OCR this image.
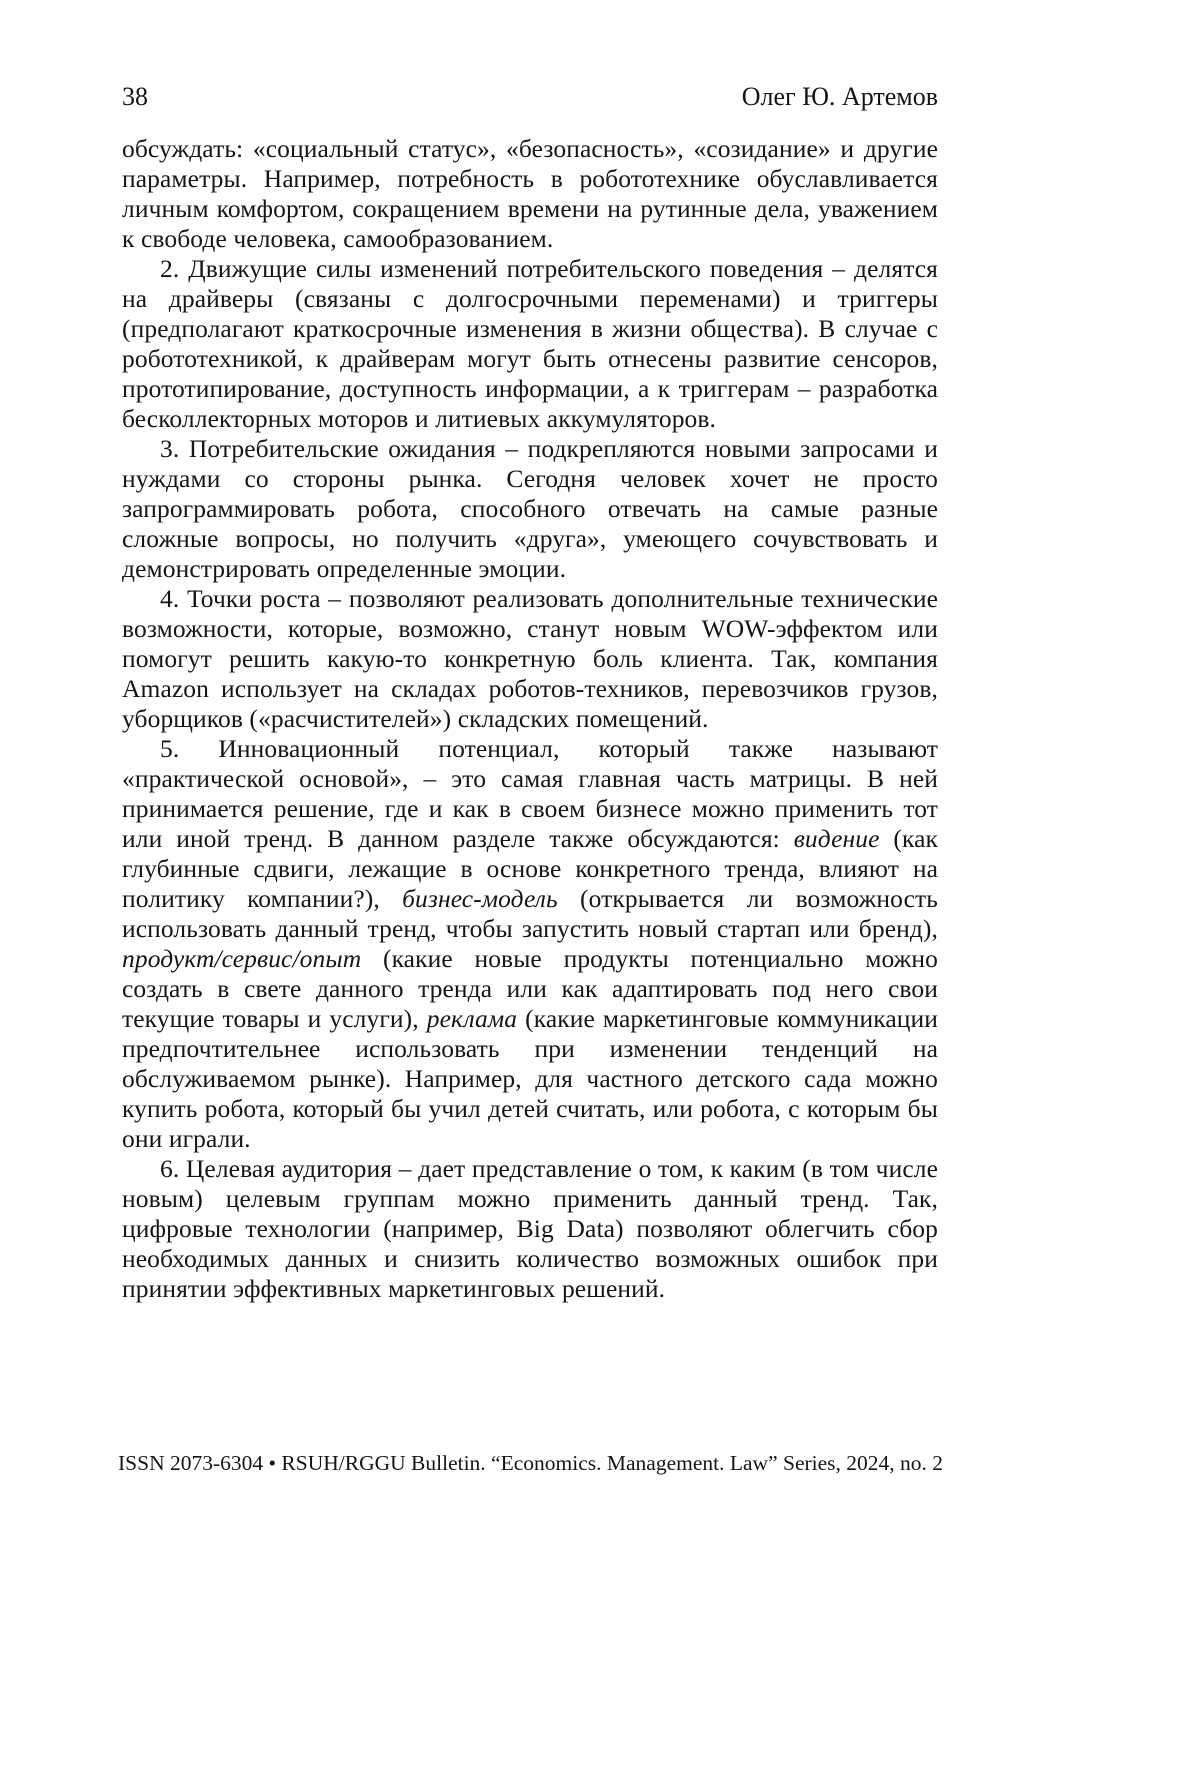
38	Олег Ю. Артемов

обсуждать: «социальный статус», «безопасность», «созидание» и другие параметры. Например, потребность в робототехнике обуславливается личным комфортом, сокращением времени на рутинные дела, уважением к свободе человека, самообразованием.

2. Движущие силы изменений потребительского поведения – делятся на драйверы (связаны с долгосрочными переменами) и триггеры (предполагают краткосрочные изменения в жизни общества). В случае с робототехникой, к драйверам могут быть отнесены развитие сенсоров, прототипирование, доступность информации, а к триггерам – разработка бесколлекторных моторов и литиевых аккумуляторов.

3. Потребительские ожидания – подкрепляются новыми запросами и нуждами со стороны рынка. Сегодня человек хочет не просто запрограммировать робота, способного отвечать на самые разные сложные вопросы, но получить «друга», умеющего сочувствовать и демонстрировать определенные эмоции.

4. Точки роста – позволяют реализовать дополнительные технические возможности, которые, возможно, станут новым WOW-эффектом или помогут решить какую-то конкретную боль клиента. Так, компания Amazon использует на складах роботов-техников, перевозчиков грузов, уборщиков («расчистителей») складских помещений.

5. Инновационный потенциал, который также называют «практической основой», – это самая главная часть матрицы. В ней принимается решение, где и как в своем бизнесе можно применить тот или иной тренд. В данном разделе также обсуждаются: видение (как глубинные сдвиги, лежащие в основе конкретного тренда, влияют на политику компании?), бизнес-модель (открывается ли возможность использовать данный тренд, чтобы запустить новый стартап или бренд), продукт/сервис/опыт (какие новые продукты потенциально можно создать в свете данного тренда или как адаптировать под него свои текущие товары и услуги), реклама (какие маркетинговые коммуникации предпочтительнее использовать при изменении тенденций на обслуживаемом рынке). Например, для частного детского сада можно купить робота, который бы учил детей считать, или робота, с которым бы они играли.

6. Целевая аудитория – дает представление о том, к каким (в том числе новым) целевым группам можно применить данный тренд. Так, цифровые технологии (например, Big Data) позволяют облегчить сбор необходимых данных и снизить количество возможных ошибок при принятии эффективных маркетинговых решений.

ISSN 2073-6304 • RSUH/RGGU Bulletin. “Economics. Management. Law” Series, 2024, no. 2
